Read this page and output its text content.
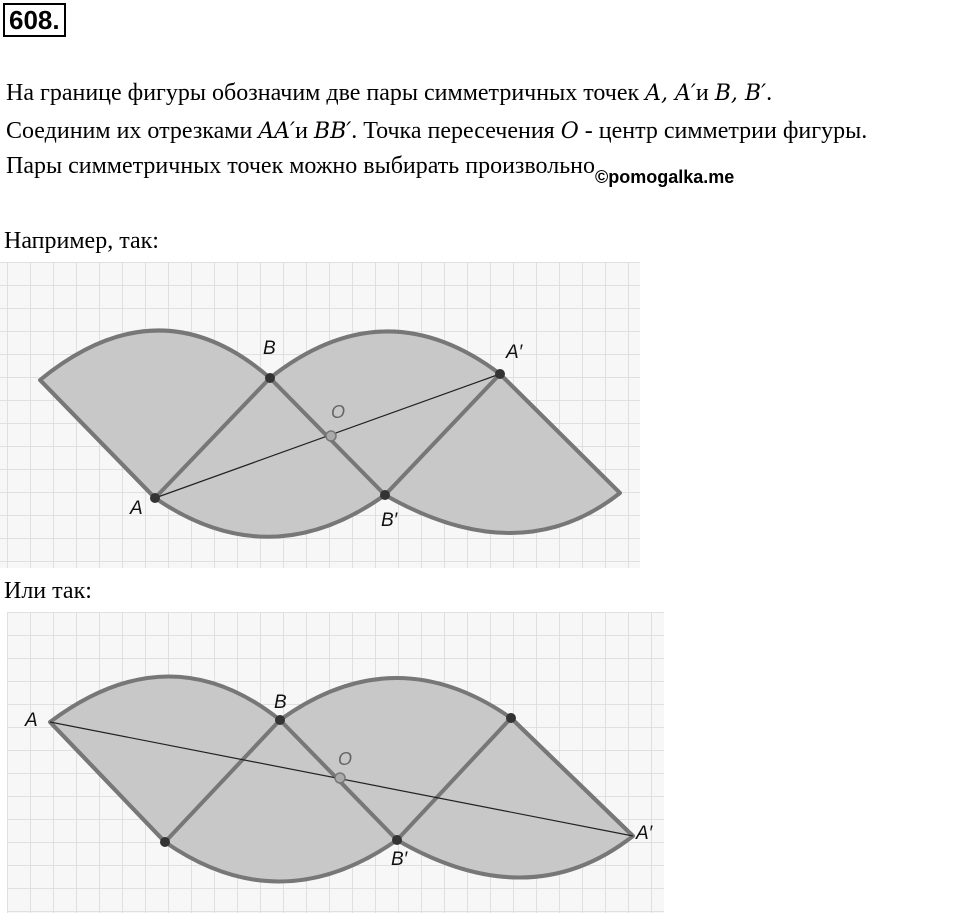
608.
На границе фигуры обозначим две пары симметричных точек A, A′и B, B′.
Соединим их отрезками AA′и BB′. Точка пересечения O - центр симметрии фигуры.
Пары симметричных точек можно выбирать произвольно$_{©pomogalka.me}$
Например, так:
A
B	A′
B′
O
Или так:
A
B
A′
B′
O
